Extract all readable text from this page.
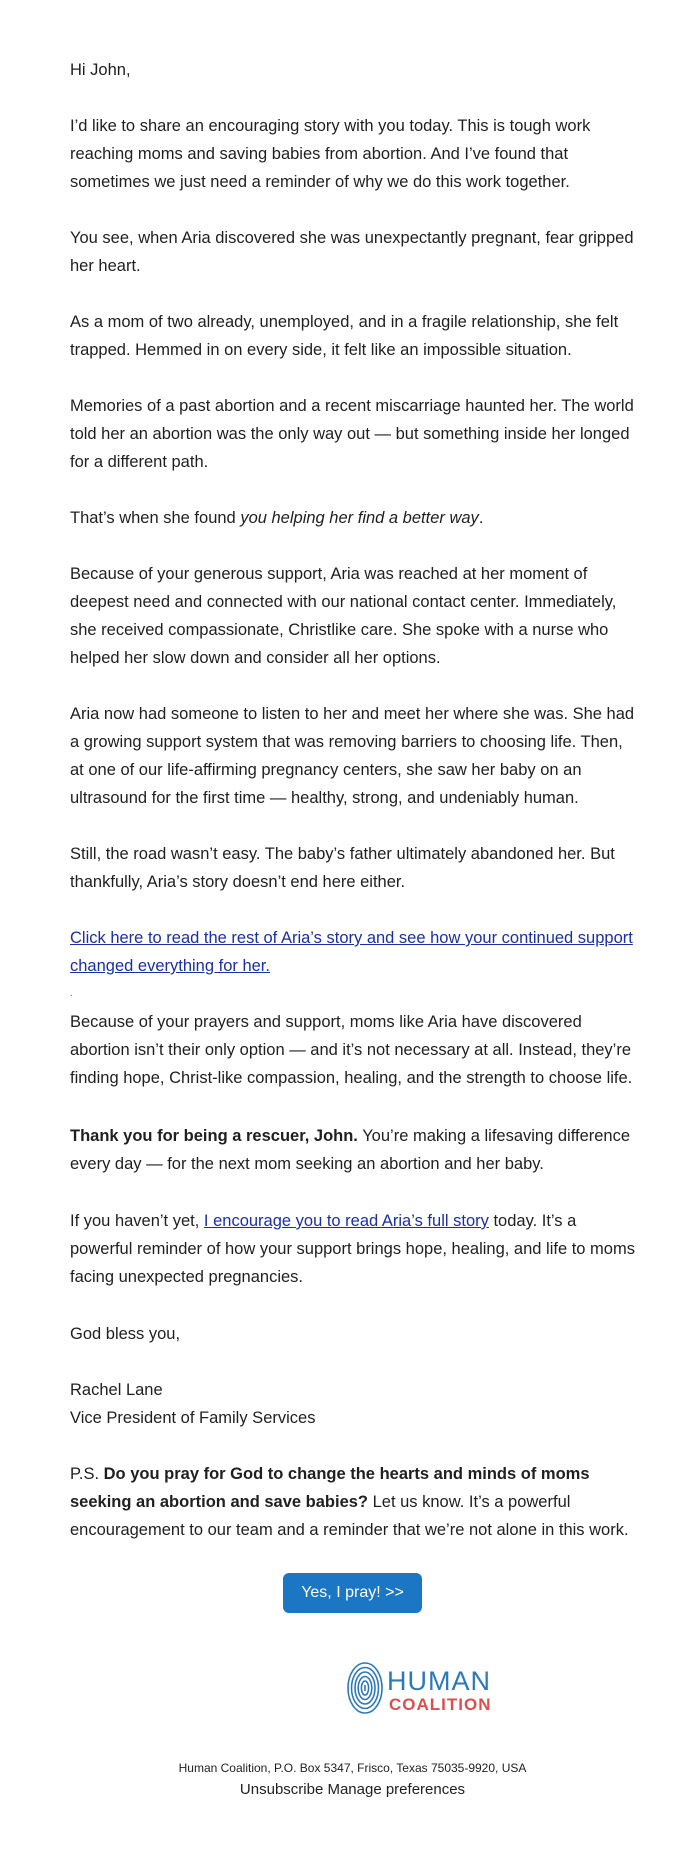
Hi John,

I’d like to share an encouraging story with you today. This is tough work reaching moms and saving babies from abortion. And I’ve found that sometimes we just need a reminder of why we do this work together.

You see, when Aria discovered she was unexpectantly pregnant, fear gripped her heart.

As a mom of two already, unemployed, and in a fragile relationship, she felt trapped. Hemmed in on every side, it felt like an impossible situation.

Memories of a past abortion and a recent miscarriage haunted her. The world told her an abortion was the only way out — but something inside her longed for a different path.

That’s when she found you helping her find a better way.

Because of your generous support, Aria was reached at her moment of deepest need and connected with our national contact center. Immediately, she received compassionate, Christlike care. She spoke with a nurse who helped her slow down and consider all her options.

Aria now had someone to listen to her and meet her where she was. She had a growing support system that was removing barriers to choosing life. Then, at one of our life-affirming pregnancy centers, she saw her baby on an ultrasound for the first time — healthy, strong, and undeniably human.

Still, the road wasn’t easy. The baby’s father ultimately abandoned her. But thankfully, Aria’s story doesn’t end here either.

Click here to read the rest of Aria’s story and see how your continued support changed everything for her.

.

Because of your prayers and support, moms like Aria have discovered abortion isn’t their only option — and it’s not necessary at all. Instead, they’re finding hope, Christ-like compassion, healing, and the strength to choose life.

Thank you for being a rescuer, John. You’re making a lifesaving difference every day — for the next mom seeking an abortion and her baby.

If you haven’t yet, I encourage you to read Aria’s full story today. It’s a powerful reminder of how your support brings hope, healing, and life to moms facing unexpected pregnancies.

God bless you,

Rachel Lane
Vice President of Family Services

P.S. Do you pray for God to change the hearts and minds of moms seeking an abortion and save babies? Let us know. It’s a powerful encouragement to our team and a reminder that we’re not alone in this work.

Yes, I pray! >>
HUMAN
COALITION
Human Coalition, P.O. Box 5347, Frisco, Texas 75035-9920, USA
Unsubscribe Manage preferences
